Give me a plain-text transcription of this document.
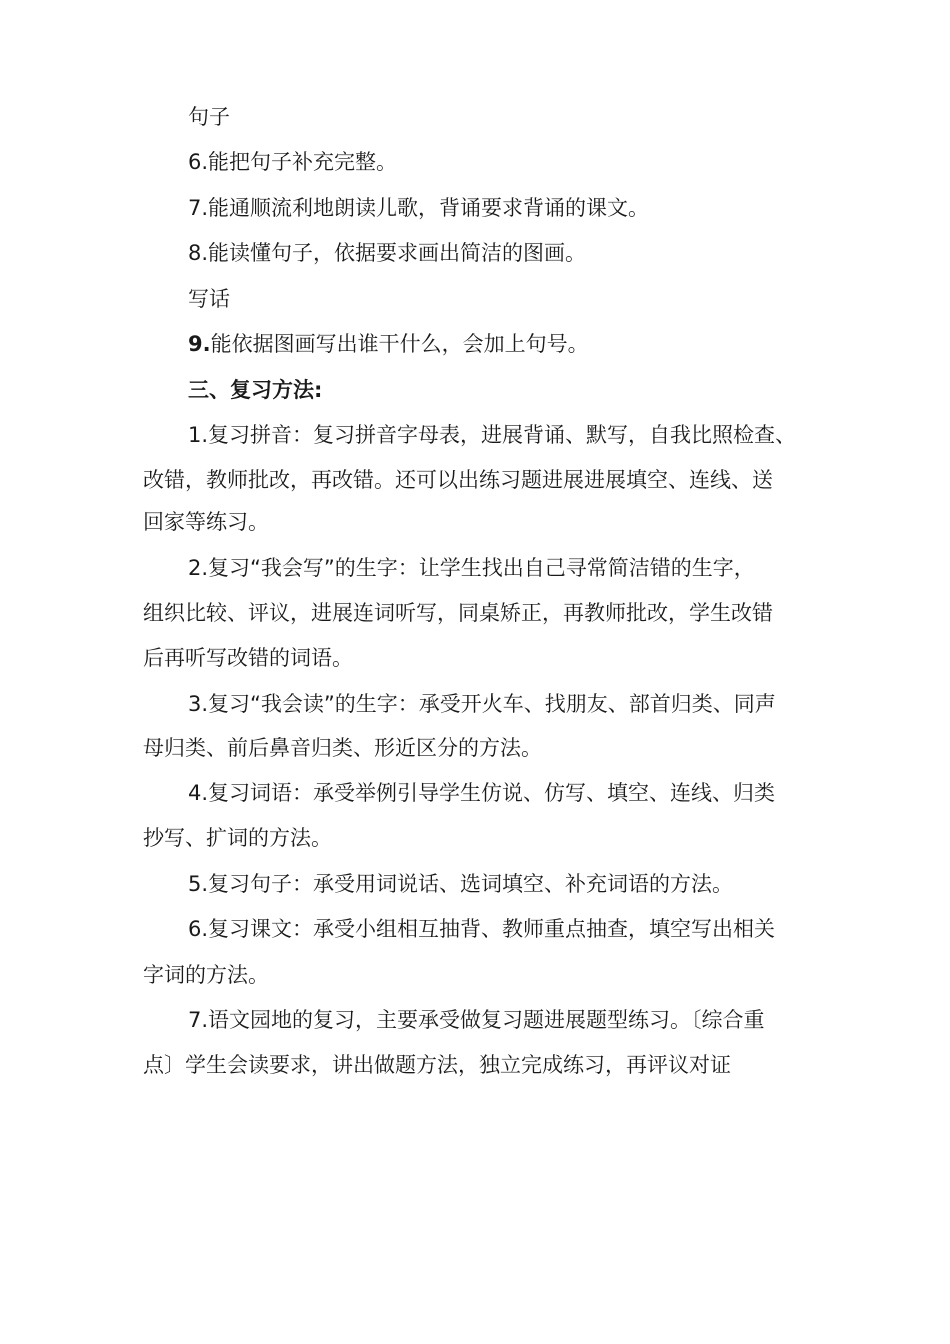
句子
6.能把句子补充完整。
7.能通顺流利地朗读儿歌，背诵要求背诵的课文。
8.能读懂句子，依据要求画出简洁的图画。
写话
9.能依据图画写出谁干什么，会加上句号。
三、复习方法:
1.复习拼音：复习拼音字母表，进展背诵、默写，自我比照检查、
改错，教师批改，再改错。还可以出练习题进展进展填空、连线、送
回家等练习。
2.复习“我会写”的生字：让学生找出自己寻常简洁错的生字，
组织比较、评议，进展连词听写，同桌矫正，再教师批改，学生改错
后再听写改错的词语。
3.复习“我会读”的生字：承受开火车、找朋友、部首归类、同声
母归类、前后鼻音归类、形近区分的方法。
4.复习词语：承受举例引导学生仿说、仿写、填空、连线、归类
抄写、扩词的方法。
5.复习句子：承受用词说话、选词填空、补充词语的方法。
6.复习课文：承受小组相互抽背、教师重点抽查，填空写出相关
字词的方法。
7.语文园地的复习，主要承受做复习题进展题型练习。〔综合重
点〕学生会读要求，讲出做题方法，独立完成练习，再评议对证
